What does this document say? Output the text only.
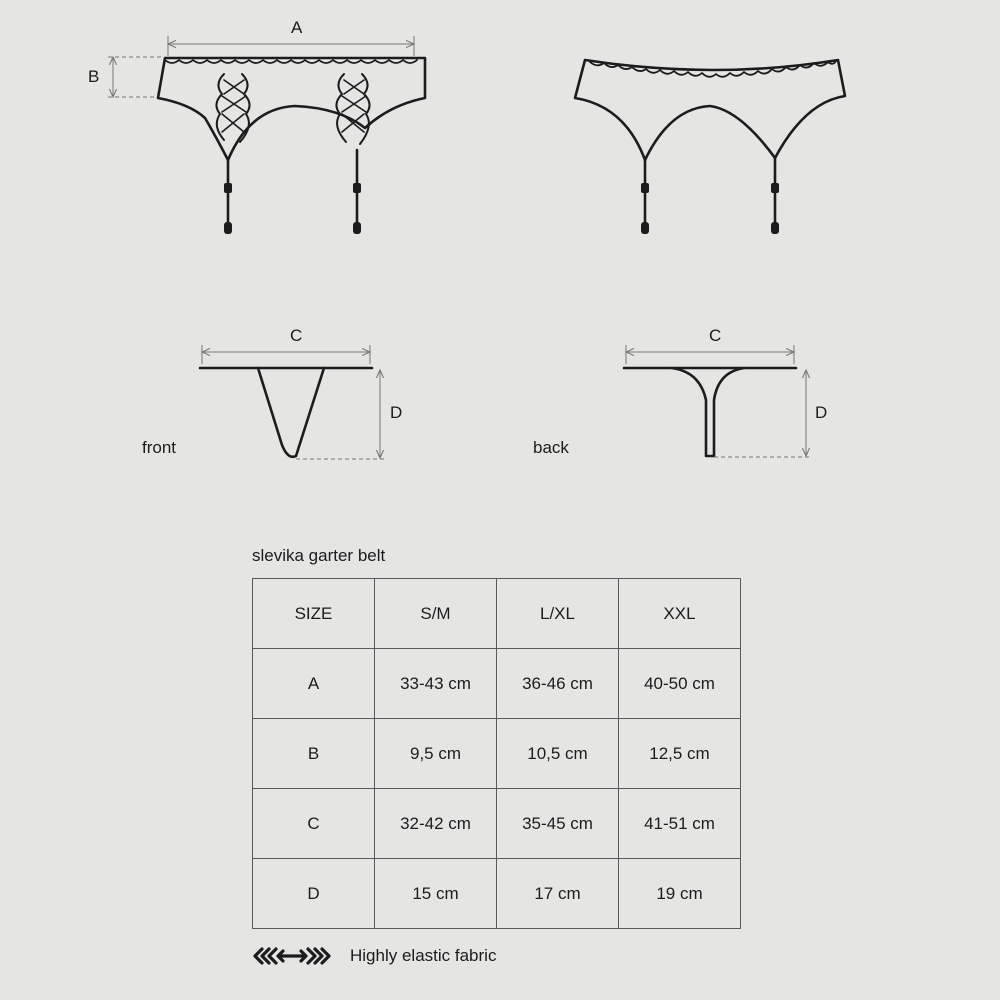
A
B
C
D
C
D
front	back
slevika garter belt
SIZE	S/M	L/XL	XXL
A	33-43 cm	36-46 cm	40-50 cm
B	9,5 cm	10,5 cm	12,5 cm
C	32-42 cm	35-45 cm	41-51 cm
D	15 cm	17 cm	19 cm
Highly elastic fabric
